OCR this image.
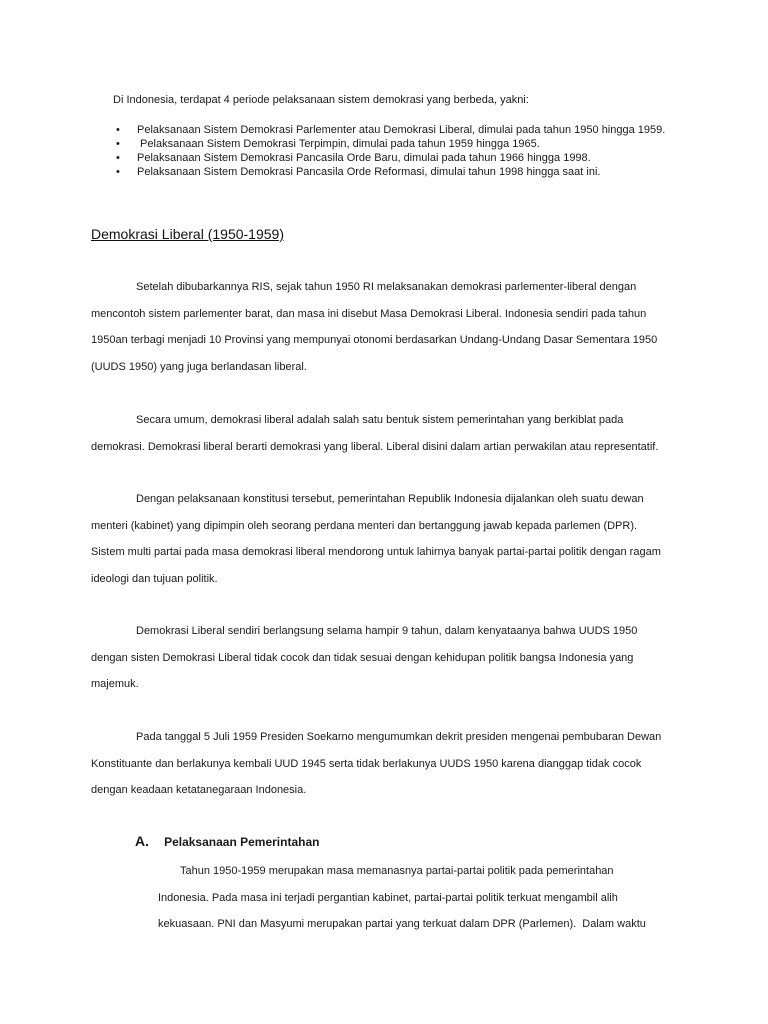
Di Indonesia, terdapat 4 periode pelaksanaan sistem demokrasi yang berbeda, yakni:
• Pelaksanaan Sistem Demokrasi Parlementer atau Demokrasi Liberal, dimulai pada tahun 1950 hingga 1959.
• Pelaksanaan Sistem Demokrasi Terpimpin, dimulai pada tahun 1959 hingga 1965.
• Pelaksanaan Sistem Demokrasi Pancasila Orde Baru, dimulai pada tahun 1966 hingga 1998.
• Pelaksanaan Sistem Demokrasi Pancasila Orde Reformasi, dimulai tahun 1998 hingga saat ini.
Demokrasi Liberal (1950-1959)

Setelah dibubarkannya RIS, sejak tahun 1950 RI melaksanakan demokrasi parlementer-liberal dengan
mencontoh sistem parlementer barat, dan masa ini disebut Masa Demokrasi Liberal. Indonesia sendiri pada tahun
1950an terbagi menjadi 10 Provinsi yang mempunyai otonomi berdasarkan Undang-Undang Dasar Sementara 1950
(UUDS 1950) yang juga berlandasan liberal.

Secara umum, demokrasi liberal adalah salah satu bentuk sistem pemerintahan yang berkiblat pada
demokrasi. Demokrasi liberal berarti demokrasi yang liberal. Liberal disini dalam artian perwakilan atau representatif.

Dengan pelaksanaan konstitusi tersebut, pemerintahan Republik Indonesia dijalankan oleh suatu dewan
menteri (kabinet) yang dipimpin oleh seorang perdana menteri dan bertanggung jawab kepada parlemen (DPR).
Sistem multi partai pada masa demokrasi liberal mendorong untuk lahirnya banyak partai-partai politik dengan ragam
ideologi dan tujuan politik.

Demokrasi Liberal sendiri berlangsung selama hampir 9 tahun, dalam kenyataanya bahwa UUDS 1950
dengan sisten Demokrasi Liberal tidak cocok dan tidak sesuai dengan kehidupan politik bangsa Indonesia yang
majemuk.

Pada tanggal 5 Juli 1959 Presiden Soekarno mengumumkan dekrit presiden mengenai pembubaran Dewan
Konstituante dan berlakunya kembali UUD 1945 serta tidak berlakunya UUDS 1950 karena dianggap tidak cocok
dengan keadaan ketatanegaraan Indonesia.

A. Pelaksanaan Pemerintahan

Tahun 1950-1959 merupakan masa memanasnya partai-partai politik pada pemerintahan
Indonesia. Pada masa ini terjadi pergantian kabinet, partai-partai politik terkuat mengambil alih
kekuasaan. PNI dan Masyumi merupakan partai yang terkuat dalam DPR (Parlemen).  Dalam waktu
